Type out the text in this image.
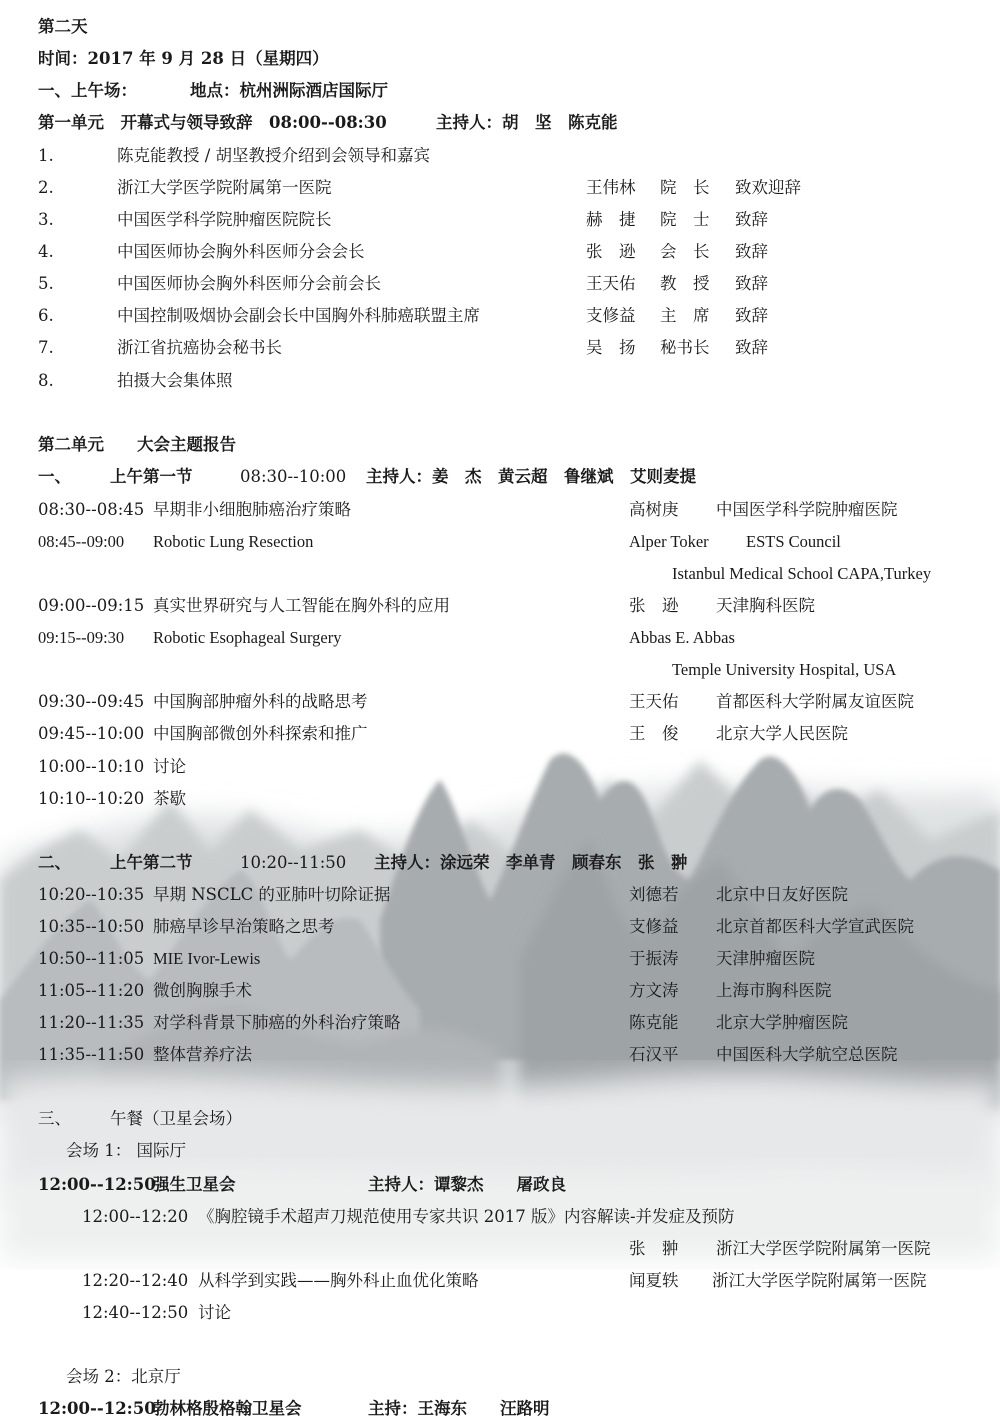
第二天
时间：2017 年 9 月 28 日（星期四）
一、上午场：	地点：杭州洲际酒店国际厅
第一单元　开幕式与领导致辞　08:00--08:30	主持人：胡　坚　陈克能
1.	陈克能教授 / 胡坚教授介绍到会领导和嘉宾
2.	浙江大学医学院附属第一医院	王伟林 院　长 致欢迎辞
3.	中国医学科学院肿瘤医院院长	赫　捷 院　士 致辞
4.	中国医师协会胸外科医师分会会长	张　逊 会　长 致辞
5.	中国医师协会胸外科医师分会前会长	王天佑 教　授 致辞
6.	中国控制吸烟协会副会长中国胸外科肺癌联盟主席	支修益 主　席 致辞
7.	浙江省抗癌协会秘书长	吴　扬 秘书长 致辞
8.	拍摄大会集体照
第二单元　　大会主题报告
一、 上午第一节	08:30--10:00 主持人：姜　杰　黄云超　鲁继斌　艾则麦提
08:30--08:45 早期非小细胞肺癌治疗策略	高树庚 中国医学科学院肿瘤医院
08:45--09:00 Robotic Lung Resection	Alper Toker ESTS Council
Istanbul Medical School CAPA,Turkey
09:00--09:15 真实世界研究与人工智能在胸外科的应用	张　逊 天津胸科医院
09:15--09:30 Robotic Esophageal Surgery	Abbas E. Abbas
Temple University Hospital, USA
09:30--09:45 中国胸部肿瘤外科的战略思考	王天佑 首都医科大学附属友谊医院
09:45--10:00 中国胸部微创外科探索和推广	王　俊 北京大学人民医院
10:00--10:10 讨论
10:10--10:20 茶歇
二、 上午第二节	10:20--11:50 主持人：涂远荣　李单青　顾春东　张　翀
10:20--10:35 早期 NSCLC 的亚肺叶切除证据	刘德若 北京中日友好医院
10:35--10:50 肺癌早诊早治策略之思考	支修益 北京首都医科大学宣武医院
10:50--11:05 MIE Ivor-Lewis	于振涛 天津肿瘤医院
11:05--11:20 微创胸腺手术	方文涛 上海市胸科医院
11:20--11:35 对学科背景下肺癌的外科治疗策略	陈克能 北京大学肿瘤医院
11:35--11:50 整体营养疗法	石汉平 中国医科大学航空总医院
三、 午餐（卫星会场）
会场 1： 国际厅
12:00--12:50
强生卫星会	主持人：谭黎杰　　屠政良
12:00--12:20 《胸腔镜手术超声刀规范使用专家共识 2017 版》内容解读-并发症及预防
张　翀 浙江大学医学院附属第一医院
12:20--12:40 从科学到实践——胸外科止血优化策略	闻夏轶 浙江大学医学院附属第一医院
12:40--12:50 讨论
会场 2：北京厅
12:00--12:50
勃林格殷格翰卫星会	主持：王海东　　汪路明
